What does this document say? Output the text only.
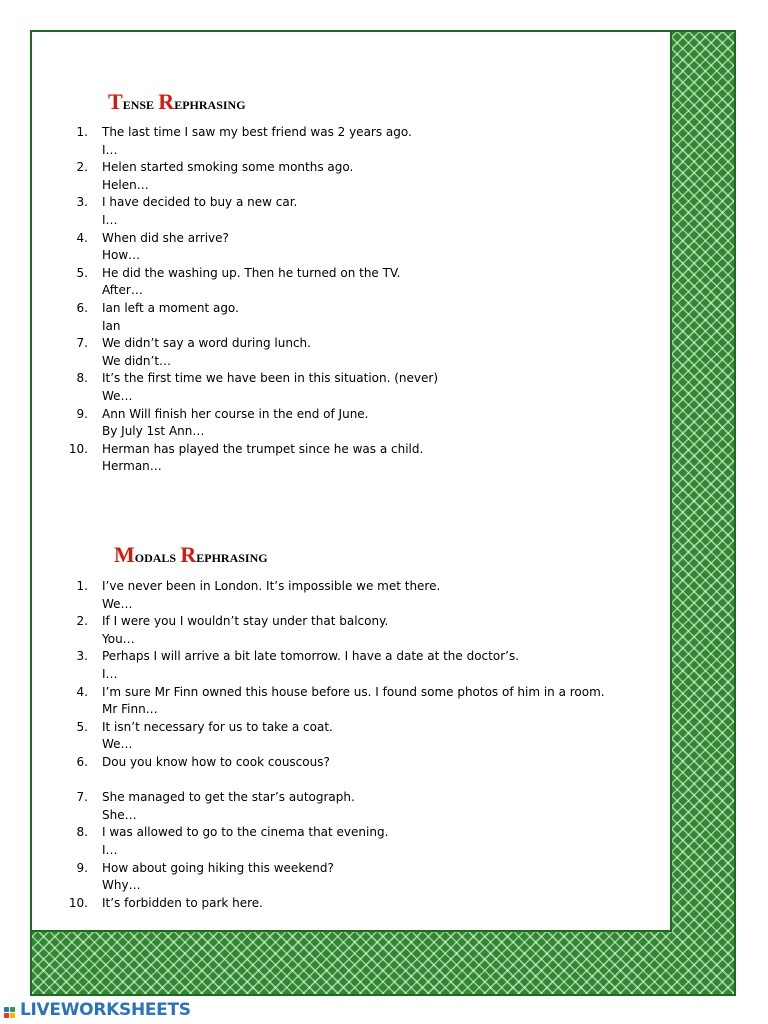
Tense Rephrasing
1. The last time I saw my best friend was 2 years ago.
I…
2. Helen started smoking some months ago.
Helen…
3. I have decided to buy a new car.
I…
4. When did she arrive?
How…
5. He did the washing up. Then he turned on the TV.
After…
6. Ian left a moment ago.
Ian
7. We didn’t say a word during lunch.
We didn’t…
8. It’s the first time we have been in this situation. (never)
We…
9. Ann Will finish her course in the end of June.
By July 1st Ann…
10. Herman has played the trumpet since he was a child.
Herman…
Modals Rephrasing
1. I’ve never been in London. It’s impossible we met there.
We…
2. If I were you I wouldn’t stay under that balcony.
You…
3. Perhaps I will arrive a bit late tomorrow. I have a date at the doctor’s.
I…
4. I’m sure Mr Finn owned this house before us. I found some photos of him in a room.
Mr Finn…
5. It isn’t necessary for us to take a coat.
We…
6. Dou you know how to cook couscous?
7. She managed to get the star’s autograph.
She…
8. I was allowed to go to the cinema that evening.
I…
9. How about going hiking this weekend?
Why…
10. It’s forbidden to park here.
LIVEWORKSHEETS
